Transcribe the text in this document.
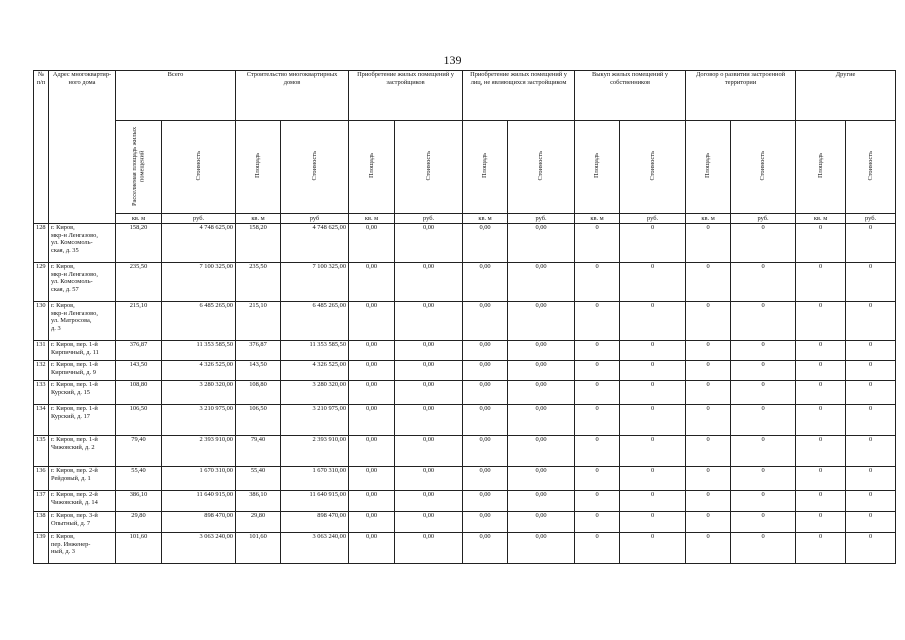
139
№ п/п	Адрес многоквартир-ного дома	Всего		Строительство многоквартирных домов		Приобретение жилых помещений у застройщиков		Приобретение жилых помещений у лиц, не являющихся застройщиком		Выкуп жилых помещений у собственников		Договор о развитии застроенной территории		Другие	
		Расселяемая площадь жилых помещений	Стоимость	Площадь	Стоимость	Площадь	Стоимость	Площадь	Стоимость	Площадь	Стоимость	Площадь	Стоимость	Площадь	Стоимость
		кв. м	руб.	кв. м	руб	кв. м	руб.	кв. м	руб.	кв. м	руб.	кв. м	руб.	кв. м	руб.
128	г. Киров,
мкр-н Ленгазово,
ул. Комсомоль-
ская, д. 35	158,20	4 748 625,00	158,20	4 748 625,00	0,00	0,00	0,00	0,00	0	0	0	0	0	0
129	г. Киров,
мкр-н Ленгазово,
ул. Комсомоль-
ская, д. 57	235,50	7 100 325,00	235,50	7 100 325,00	0,00	0,00	0,00	0,00	0	0	0	0	0	0
130	г. Киров,
мкр-н Ленгазово,
ул. Матросова,
д. 3	215,10	6 485 265,00	215,10	6 485 265,00	0,00	0,00	0,00	0,00	0	0	0	0	0	0
131	г. Киров, пер. 1-й
Кирпичный, д. 11	376,87	11 353 585,50	376,87	11 353 585,50	0,00	0,00	0,00	0,00	0	0	0	0	0	0
132	г. Киров, пер. 1-й
Кирпичный, д. 9	143,50	4 326 525,00	143,50	4 326 525,00	0,00	0,00	0,00	0,00	0	0	0	0	0	0
133	г. Киров, пер. 1-й
Курский, д. 15	108,80	3 280 320,00	108,80	3 280 320,00	0,00	0,00	0,00	0,00	0	0	0	0	0	0
134	г. Киров, пер. 1-й
Курский, д. 17	106,50	3 210 975,00	106,50	3 210 975,00	0,00	0,00	0,00	0,00	0	0	0	0	0	0
135	г. Киров, пер. 1-й
Чижовский, д. 2	79,40	2 393 910,00	79,40	2 393 910,00	0,00	0,00	0,00	0,00	0	0	0	0	0	0
136	г. Киров, пер. 2-й
Рейдовый, д. 1	55,40	1 670 310,00	55,40	1 670 310,00	0,00	0,00	0,00	0,00	0	0	0	0	0	0
137	г. Киров, пер. 2-й
Чижовский, д. 14	386,10	11 640 915,00	386,10	11 640 915,00	0,00	0,00	0,00	0,00	0	0	0	0	0	0
138	г. Киров, пер. 3-й
Опытный, д. 7	29,80	898 470,00	29,80	898 470,00	0,00	0,00	0,00	0,00	0	0	0	0	0	0
139	г. Киров,
пер. Инженер-
ный, д. 3	101,60	3 063 240,00	101,60	3 063 240,00	0,00	0,00	0,00	0,00	0	0	0	0	0	0
